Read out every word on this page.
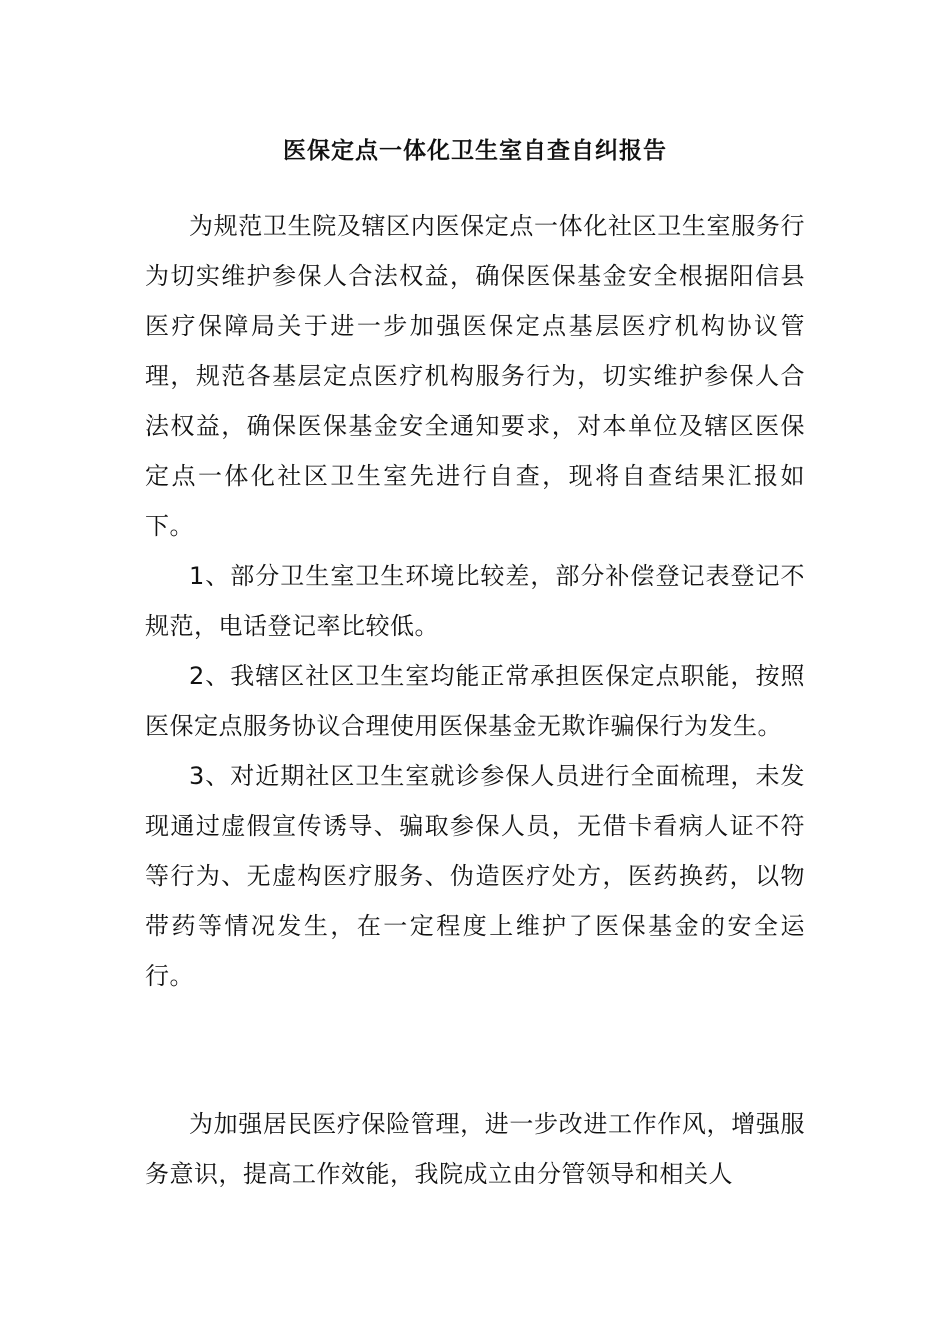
医保定点一体化卫生室自查自纠报告

为规范卫生院及辖区内医保定点一体化社区卫生室服务行为切实维护参保人合法权益，确保医保基金安全根据阳信县医疗保障局关于进一步加强医保定点基层医疗机构协议管理，规范各基层定点医疗机构服务行为，切实维护参保人合法权益，确保医保基金安全通知要求，对本单位及辖区医保定点一体化社区卫生室先进行自查，现将自查结果汇报如下。

1、部分卫生室卫生环境比较差，部分补偿登记表登记不规范，电话登记率比较低。

2、我辖区社区卫生室均能正常承担医保定点职能，按照医保定点服务协议合理使用医保基金无欺诈骗保行为发生。

3、对近期社区卫生室就诊参保人员进行全面梳理，未发现通过虚假宣传诱导、骗取参保人员，无借卡看病人证不符等行为、无虚构医疗服务、伪造医疗处方，医药换药，以物带药等情况发生，在一定程度上维护了医保基金的安全运行。

为加强居民医疗保险管理，进一步改进工作作风，增强服务意识，提高工作效能，我院成立由分管领导和相关人
